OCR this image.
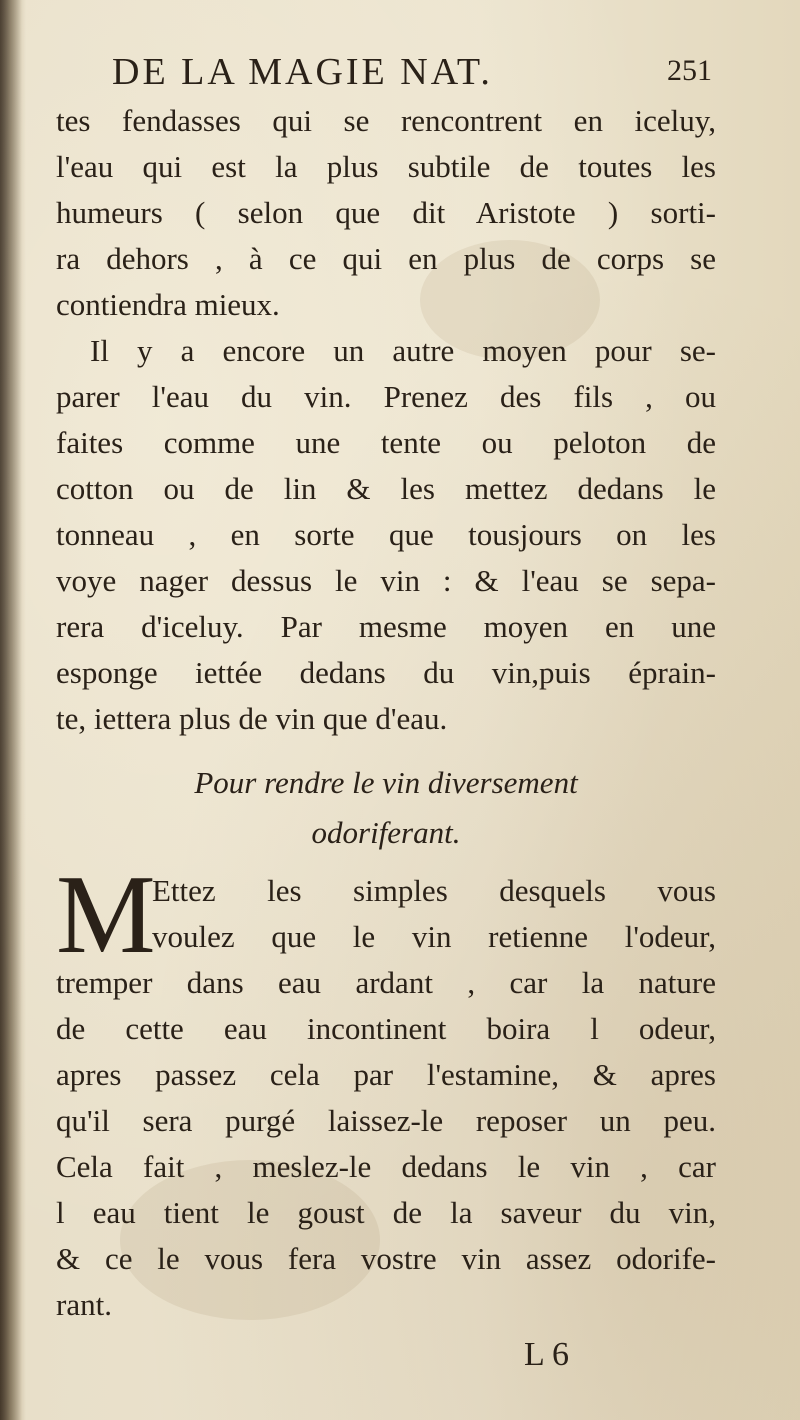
DE LA MAGIE NAT.	251
tes fendasses qui se rencontrent en iceluy,
l'eau qui est la plus subtile de toutes les
humeurs ( selon que dit Aristote ) sorti-
ra dehors , à ce qui en plus de corps se
contiendra mieux.
Il y a encore un autre moyen pour se-
parer l'eau du vin. Prenez des fils , ou
faites comme une tente ou peloton de
cotton ou de lin & les mettez dedans le
tonneau , en sorte que tousjours on les
voye nager dessus le vin : & l'eau se sepa-
rera d'iceluy. Par mesme moyen en une
esponge iettée dedans du vin,puis éprain-
te, iettera plus de vin que d'eau.
Pour rendre le vin diversement
odoriferant.
M
Ettez les simples desquels vous
voulez que le vin retienne l'odeur,
tremper dans eau ardant , car la nature
de cette eau incontinent boira l odeur,
apres passez cela par l'estamine, & apres
qu'il sera purgé laissez-le reposer un peu.
Cela fait , meslez-le dedans le vin , car
l eau tient le goust de la saveur du vin,
& ce le vous fera vostre vin assez odorife-
rant.
L 6
